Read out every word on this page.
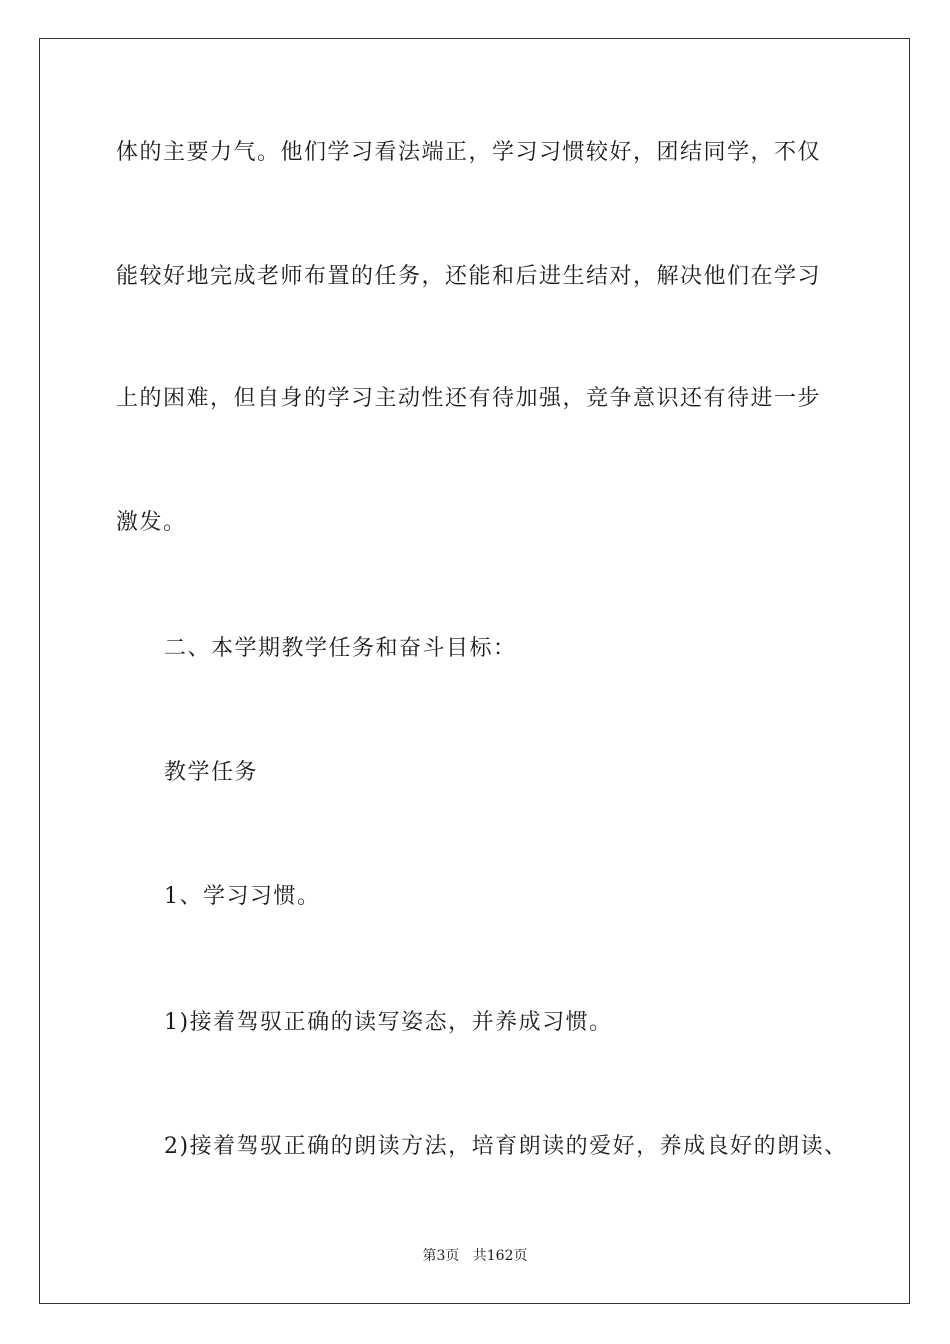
体的主要力气。他们学习看法端正，学习习惯较好，团结同学，不仅
能较好地完成老师布置的任务，还能和后进生结对，解决他们在学习
上的困难，但自身的学习主动性还有待加强，竞争意识还有待进一步
激发。
二、本学期教学任务和奋斗目标：
教学任务
1、学习习惯。
1)接着驾驭正确的读写姿态，并养成习惯。
2)接着驾驭正确的朗读方法，培育朗读的爱好，养成良好的朗读、
第3页   共162页
